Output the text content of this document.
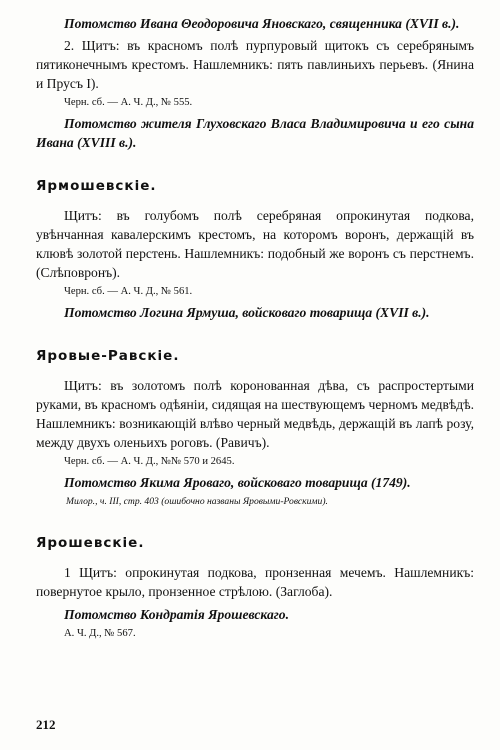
Потомство Ивана Θеодоровича Яновскаго, священника (XVII в.).

2. Щитъ: въ красномъ полѣ пурпуровый щитокъ съ серебрянымъ пятиконечнымъ крестомъ. Нашлемникъ: пять павлиньихъ перьевъ. (Янина и Прусъ I).

Черн. сб. — А. Ч. Д., № 555.

Потомство жителя Глуховскаго Власа Владимировича и его сына Ивана (XVIII в.).

Ярмошевскiе.

Щитъ: въ голубомъ полѣ серебряная опрокинутая подкова, увѣнчанная кавалерскимъ крестомъ, на которомъ воронъ, держащiй въ клювѣ золотой перстень. Нашлемникъ: подобный же воронъ съ перстнемъ. (Слѣповронъ).

Черн. сб. — А. Ч. Д., № 561.

Потомство Логина Ярмуша, войсковаго товарища (XVII в.).

Яровые-Равскiе.

Щитъ: въ золотомъ полѣ коронованная дѣва, съ распростертыми руками, въ красномъ одѣянiи, сидящая на шествующемъ черномъ медвѣдѣ. Нашлемникъ: возникающiй влѣво черный медвѣдь, держащiй въ лапѣ розу, между двухъ оленьихъ роговъ. (Равичъ).

Черн. сб. — А. Ч. Д., №№ 570 и 2645.

Потомство Якима Яроваго, войсковаго товарища (1749).

Милор., ч. III, стр. 403 (ошибочно названы Яровыми-Ровскими).

Ярошевскiе.

1 Щитъ: опрокинутая подкова, пронзенная мечемъ. Нашлемникъ: повернутое крыло, пронзенное стрѣлою. (Заглоба).

Потомство Кондратiя Ярошевскаго.

А. Ч. Д., № 567.

212
